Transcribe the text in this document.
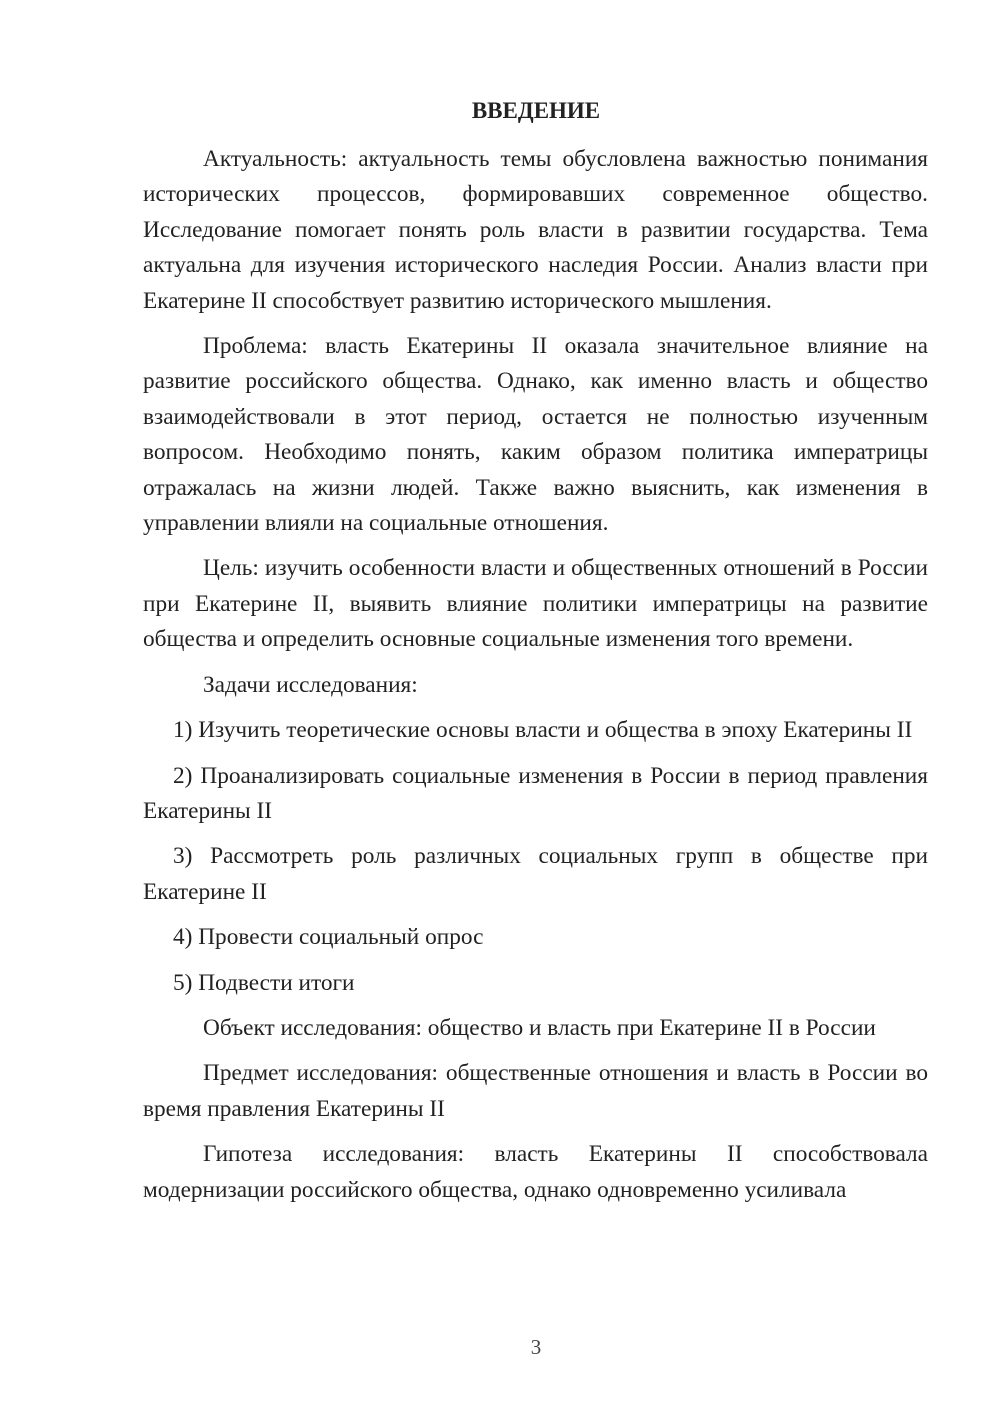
ВВЕДЕНИЕ

Актуальность: актуальность темы обусловлена важностью понимания исторических процессов, формировавших современное общество. Исследование помогает понять роль власти в развитии государства. Тема актуальна для изучения исторического наследия России. Анализ власти при Екатерине II способствует развитию исторического мышления.

Проблема: власть Екатерины II оказала значительное влияние на развитие российского общества. Однако, как именно власть и общество взаимодействовали в этот период, остается не полностью изученным вопросом. Необходимо понять, каким образом политика императрицы отражалась на жизни людей. Также важно выяснить, как изменения в управлении влияли на социальные отношения.

Цель: изучить особенности власти и общественных отношений в России при Екатерине II, выявить влияние политики императрицы на развитие общества и определить основные социальные изменения того времени.

Задачи исследования:

1) Изучить теоретические основы власти и общества в эпоху Екатерины II

2) Проанализировать социальные изменения в России в период правления Екатерины II

3) Рассмотреть роль различных социальных групп в обществе при Екатерине II

4) Провести социальный опрос

5) Подвести итоги

Объект исследования: общество и власть при Екатерине II в России

Предмет исследования: общественные отношения и власть в России во время правления Екатерины II

Гипотеза исследования: власть Екатерины II способствовала модернизации российского общества, однако одновременно усиливала

3
